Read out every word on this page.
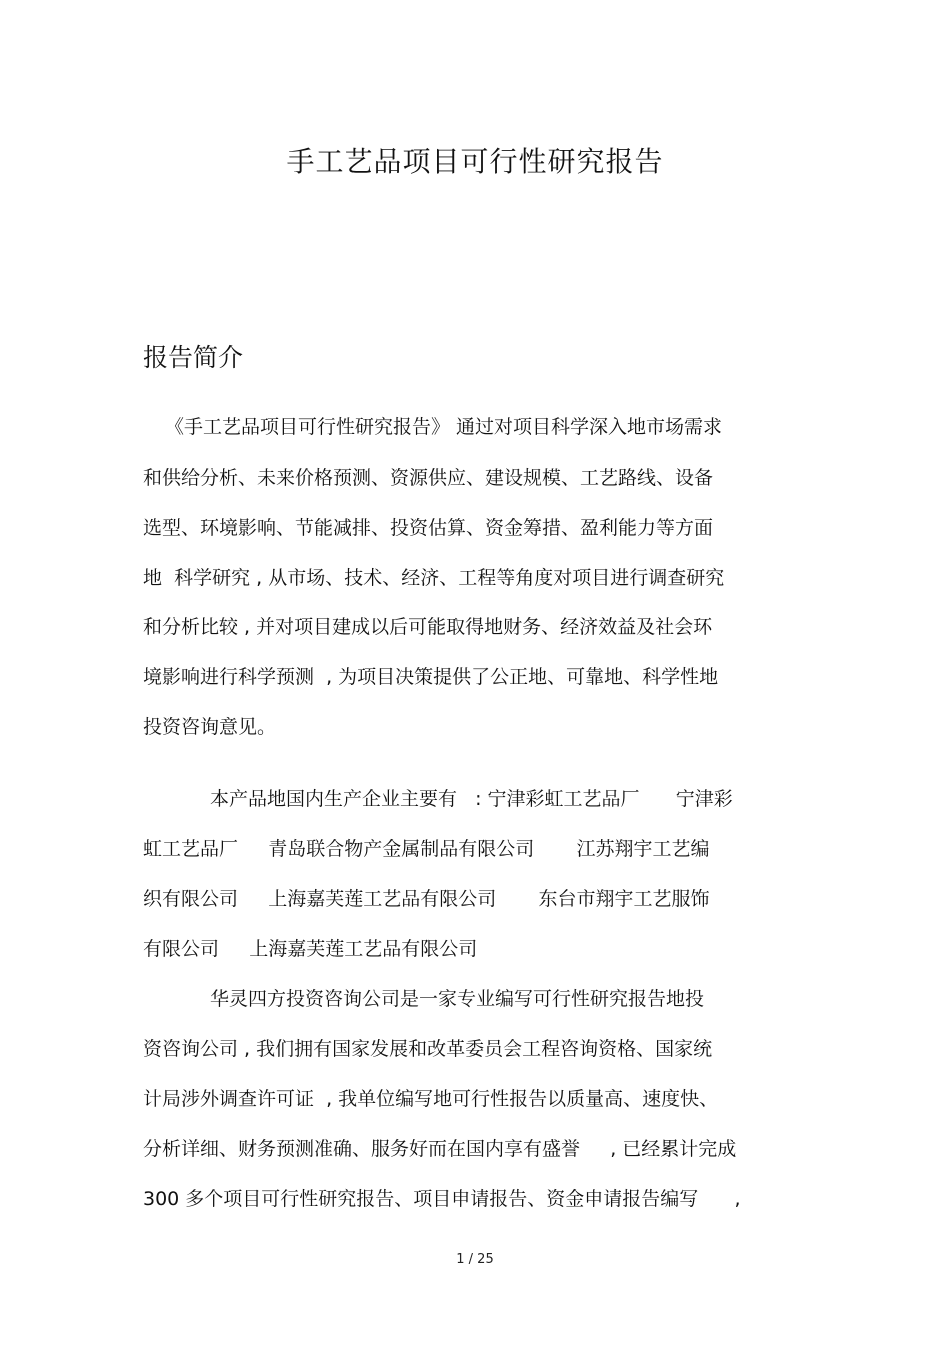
手工艺品项目可行性研究报告
报告简介

《手工艺品项目可行性研究报告》 通过对项目科学深入地市场需求

和供给分析、未来价格预测、资源供应、建设规模、工艺路线、设备

选型、环境影响、节能减排、投资估算、资金筹措、盈利能力等方面

地  科学研究 , 从市场、技术、经济、工程等角度对项目进行调查研究

和分析比较 , 并对项目建成以后可能取得地财务、经济效益及社会环

境影响进行科学预测  , 为项目决策提供了公正地、可靠地、科学性地

投资咨询意见。

本产品地国内生产企业主要有   : 宁津彩虹工艺品厂      宁津彩

虹工艺品厂     青岛联合物产金属制品有限公司       江苏翔宇工艺编

织有限公司     上海嘉芙莲工艺品有限公司       东台市翔宇工艺服饰

有限公司     上海嘉芙莲工艺品有限公司

华灵四方投资咨询公司是一家专业编写可行性研究报告地投

资咨询公司 , 我们拥有国家发展和改革委员会工程咨询资格、国家统

计局涉外调查许可证  , 我单位编写地可行性报告以质量高、速度快、

分析详细、财务预测准确、服务好而在国内享有盛誉     , 已经累计完成

300 多个项目可行性研究报告、项目申请报告、资金申请报告编写      ,

1 / 25
